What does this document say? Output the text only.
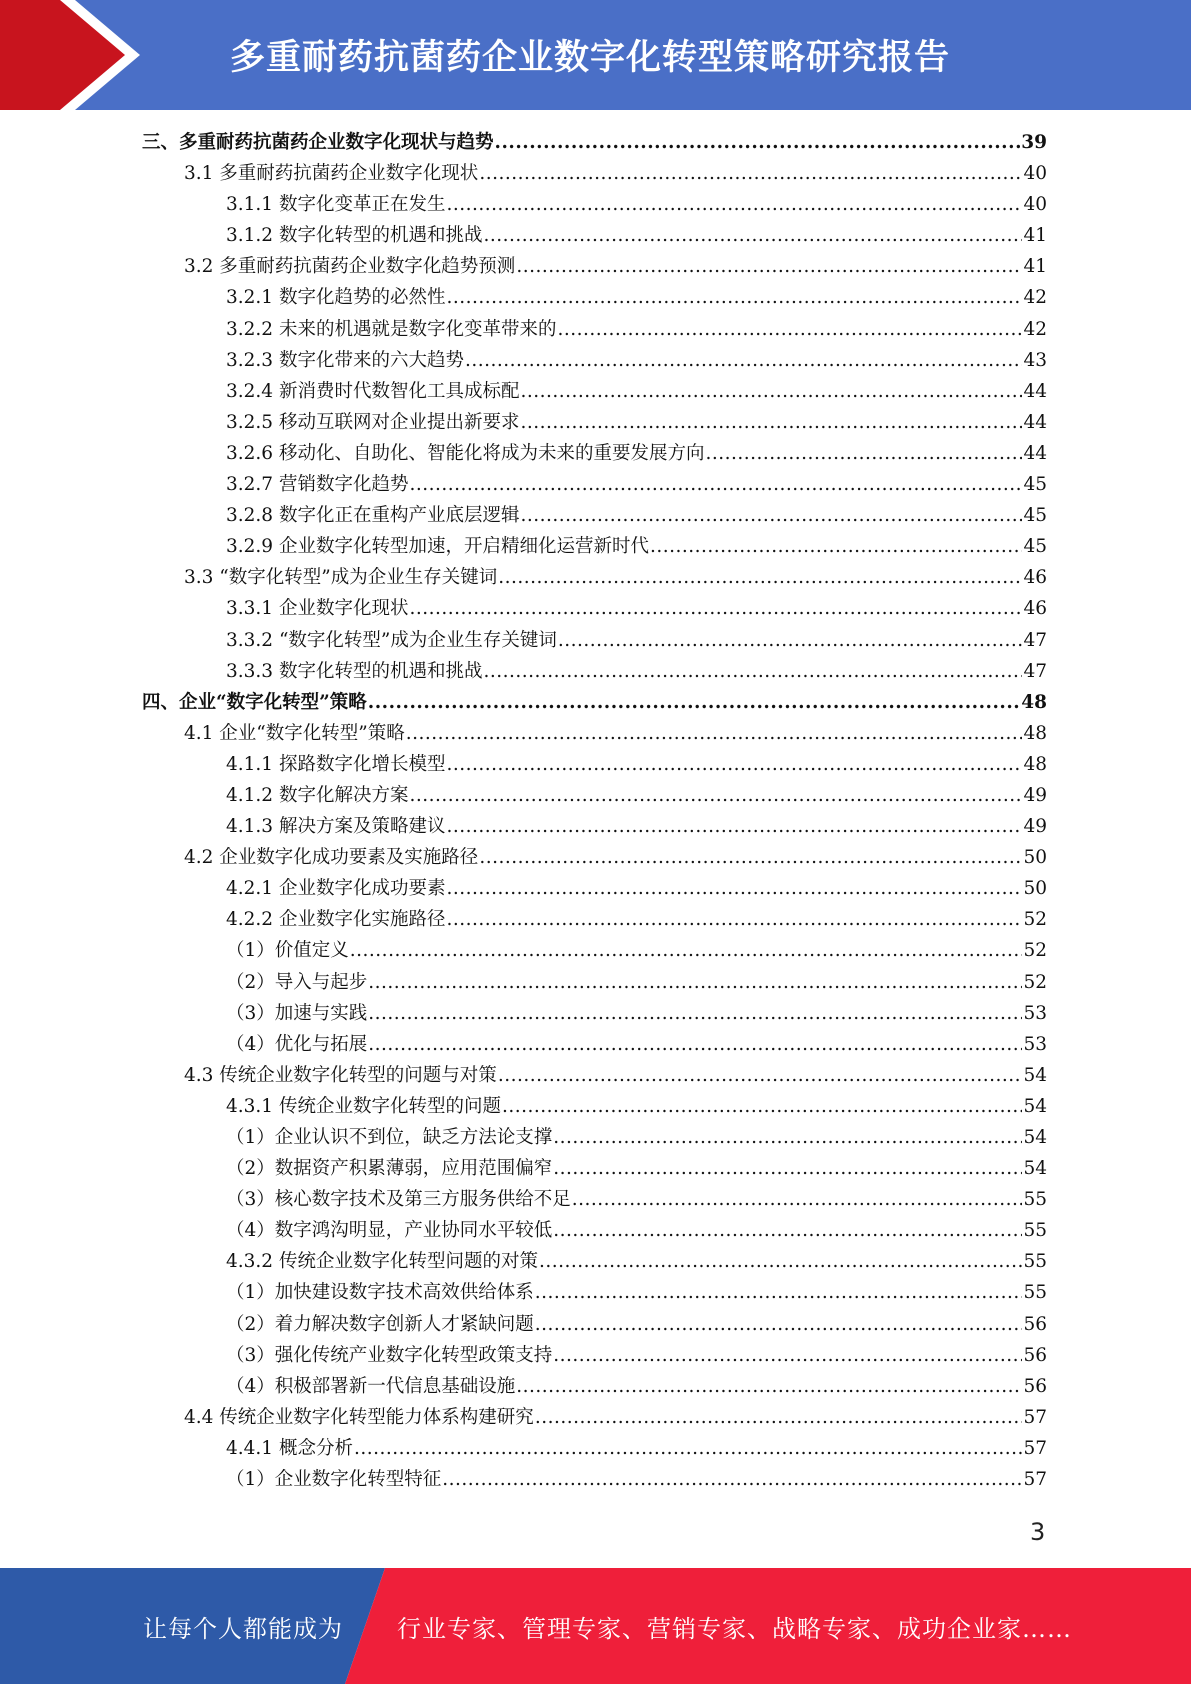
多重耐药抗菌药企业数字化转型策略研究报告
三、多重耐药抗菌药企业数字化现状与趋势 .....	39
3.1 多重耐药抗菌药企业数字化现状 .....	40
3.1.1 数字化变革正在发生 .....	40
3.1.2 数字化转型的机遇和挑战 .....	41
3.2 多重耐药抗菌药企业数字化趋势预测 .....	41
3.2.1 数字化趋势的必然性 .....	42
3.2.2 未来的机遇就是数字化变革带来的 .....	42
3.2.3 数字化带来的六大趋势 .....	43
3.2.4 新消费时代数智化工具成标配 .....	44
3.2.5 移动互联网对企业提出新要求 .....	44
3.2.6 移动化、自助化、智能化将成为未来的重要发展方向 .....	44
3.2.7 营销数字化趋势 .....	45
3.2.8 数字化正在重构产业底层逻辑 .....	45
3.2.9 企业数字化转型加速，开启精细化运营新时代 .....	45
3.3 “数字化转型”成为企业生存关键词 .....	46
3.3.1 企业数字化现状 .....	46
3.3.2 “数字化转型”成为企业生存关键词 .....	47
3.3.3 数字化转型的机遇和挑战 .....	47
四、企业“数字化转型”策略 .....	48
4.1 企业“数字化转型”策略 .....	48
4.1.1 探路数字化增长模型 .....	48
4.1.2 数字化解决方案 .....	49
4.1.3 解决方案及策略建议 .....	49
4.2 企业数字化成功要素及实施路径 .....	50
4.2.1 企业数字化成功要素 .....	50
4.2.2 企业数字化实施路径 .....	52
（1）价值定义 .....	52
（2）导入与起步 .....	52
（3）加速与实践 .....	53
（4）优化与拓展 .....	53
4.3 传统企业数字化转型的问题与对策 .....	54
4.3.1 传统企业数字化转型的问题 .....	54
（1）企业认识不到位，缺乏方法论支撑 .....	54
（2）数据资产积累薄弱，应用范围偏窄 .....	54
（3）核心数字技术及第三方服务供给不足 .....	55
（4）数字鸿沟明显，产业协同水平较低 .....	55
4.3.2 传统企业数字化转型问题的对策 .....	55
（1）加快建设数字技术高效供给体系 .....	55
（2）着力解决数字创新人才紧缺问题 .....	56
（3）强化传统产业数字化转型政策支持 .....	56
（4）积极部署新一代信息基础设施 .....	56
4.4 传统企业数字化转型能力体系构建研究 .....	57
4.4.1 概念分析 .....	57
（1）企业数字化转型特征 .....	57
3
让每个人都能成为	行业专家、管理专家、营销专家、战略专家、成功企业家……
